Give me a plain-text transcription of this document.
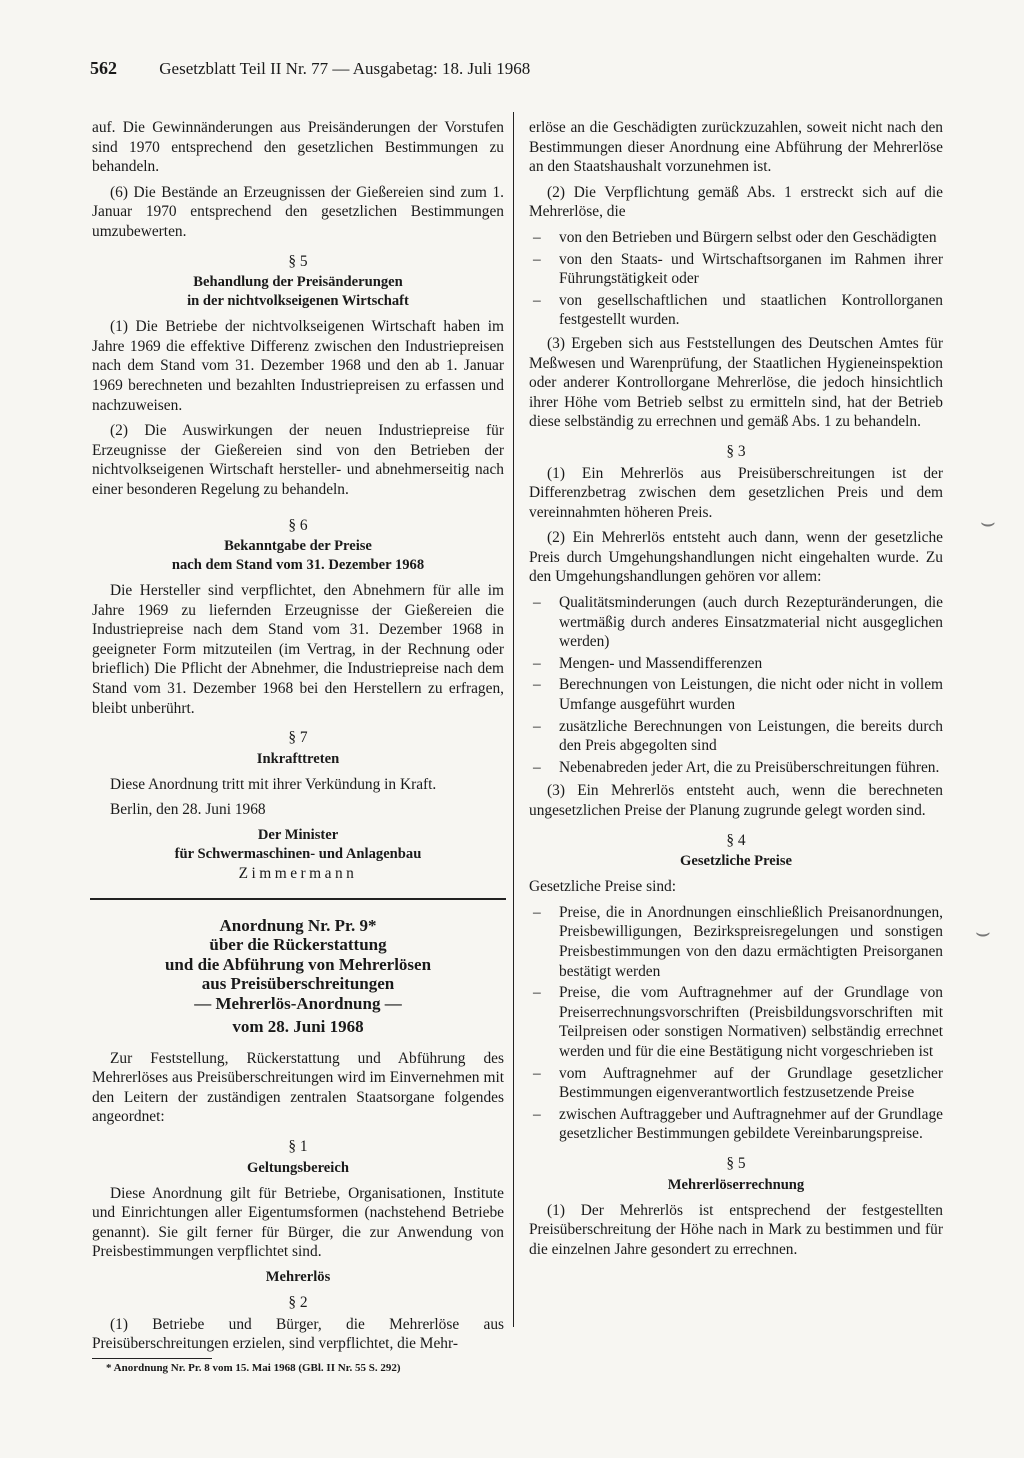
562 Gesetzblatt Teil II Nr. 77 — Ausgabetag: 18. Juli 1968

auf. Die Gewinnänderungen aus Preisänderungen der Vorstufen sind 1970 entsprechend den gesetzlichen Bestimmungen zu behandeln.

(6) Die Bestände an Erzeugnissen der Gießereien sind zum 1. Januar 1970 entsprechend den gesetzlichen Bestimmungen umzubewerten.

§ 5
Behandlung der Preisänderungen
in der nichtvolkseigenen Wirtschaft

(1) Die Betriebe der nichtvolkseigenen Wirtschaft haben im Jahre 1969 die effektive Differenz zwischen den Industriepreisen nach dem Stand vom 31. Dezember 1968 und den ab 1. Januar 1969 berechneten und bezahlten Industriepreisen zu erfassen und nachzuweisen.

(2) Die Auswirkungen der neuen Industriepreise für Erzeugnisse der Gießereien sind von den Betrieben der nichtvolkseigenen Wirtschaft hersteller- und abnehmerseitig nach einer besonderen Regelung zu behandeln.

§ 6
Bekanntgabe der Preise
nach dem Stand vom 31. Dezember 1968

Die Hersteller sind verpflichtet, den Abnehmern für alle im Jahre 1969 zu liefernden Erzeugnisse der Gießereien die Industriepreise nach dem Stand vom 31. Dezember 1968 in geeigneter Form mitzuteilen (im Vertrag, in der Rechnung oder brieflich) Die Pflicht der Abnehmer, die Industriepreise nach dem Stand vom 31. Dezember 1968 bei den Herstellern zu erfragen, bleibt unberührt.

§ 7
Inkrafttreten

Diese Anordnung tritt mit ihrer Verkündung in Kraft.

Berlin, den 28. Juni 1968

Der Minister
für Schwermaschinen- und Anlagenbau
Zimmermann
Anordnung Nr. Pr. 9*
über die Rückerstattung
und die Abführung von Mehrerlösen
aus Preisüberschreitungen
— Mehrerlös-Anordnung —
vom 28. Juni 1968

Zur Feststellung, Rückerstattung und Abführung des Mehrerlöses aus Preisüberschreitungen wird im Einvernehmen mit den Leitern der zuständigen zentralen Staatsorgane folgendes angeordnet:

§ 1
Geltungsbereich

Diese Anordnung gilt für Betriebe, Organisationen, Institute und Einrichtungen aller Eigentumsformen (nachstehend Betriebe genannt). Sie gilt ferner für Bürger, die zur Anwendung von Preisbestimmungen verpflichtet sind.

Mehrerlös
§ 2

(1) Betriebe und Bürger, die Mehrerlöse aus Preisüberschreitungen erzielen, sind verpflichtet, die Mehr-

* Anordnung Nr. Pr. 8 vom 15. Mai 1968 (GBl. II Nr. 55 S. 292)

erlöse an die Geschädigten zurückzuzahlen, soweit nicht nach den Bestimmungen dieser Anordnung eine Abführung der Mehrerlöse an den Staatshaushalt vorzunehmen ist.

(2) Die Verpflichtung gemäß Abs. 1 erstreckt sich auf die Mehrerlöse, die

– von den Betrieben und Bürgern selbst oder den Geschädigten
– von den Staats- und Wirtschaftsorganen im Rahmen ihrer Führungstätigkeit oder
– von gesellschaftlichen und staatlichen Kontrollorganen festgestellt wurden.

(3) Ergeben sich aus Feststellungen des Deutschen Amtes für Meßwesen und Warenprüfung, der Staatlichen Hygieneinspektion oder anderer Kontrollorgane Mehrerlöse, die jedoch hinsichtlich ihrer Höhe vom Betrieb selbst zu ermitteln sind, hat der Betrieb diese selbständig zu errechnen und gemäß Abs. 1 zu behandeln.

§ 3

(1) Ein Mehrerlös aus Preisüberschreitungen ist der Differenzbetrag zwischen dem gesetzlichen Preis und dem vereinnahmten höheren Preis.

(2) Ein Mehrerlös entsteht auch dann, wenn der gesetzliche Preis durch Umgehungshandlungen nicht eingehalten wurde. Zu den Umgehungshandlungen gehören vor allem:

– Qualitätsminderungen (auch durch Rezepturänderungen, die wertmäßig durch anderes Einsatzmaterial nicht ausgeglichen werden)
– Mengen- und Massendifferenzen
– Berechnungen von Leistungen, die nicht oder nicht in vollem Umfange ausgeführt wurden
– zusätzliche Berechnungen von Leistungen, die bereits durch den Preis abgegolten sind
– Nebenabreden jeder Art, die zu Preisüberschreitungen führen.

(3) Ein Mehrerlös entsteht auch, wenn die berechneten ungesetzlichen Preise der Planung zugrunde gelegt worden sind.

§ 4
Gesetzliche Preise

Gesetzliche Preise sind:

– Preise, die in Anordnungen einschließlich Preisanordnungen, Preisbewilligungen, Bezirkspreisregelungen und sonstigen Preisbestimmungen von den dazu ermächtigten Preisorganen bestätigt werden
– Preise, die vom Auftragnehmer auf der Grundlage von Preiserrechnungsvorschriften (Preisbildungsvorschriften mit Teilpreisen oder sonstigen Normativen) selbständig errechnet werden und für die eine Bestätigung nicht vorgeschrieben ist
– vom Auftragnehmer auf der Grundlage gesetzlicher Bestimmungen eigenverantwortlich festzusetzende Preise
– zwischen Auftraggeber und Auftragnehmer auf der Grundlage gesetzlicher Bestimmungen gebildete Vereinbarungspreise.
§ 5
Mehrerlöserrechnung

(1) Der Mehrerlös ist entsprechend der festgestellten Preisüberschreitung der Höhe nach in Mark zu bestimmen und für die einzelnen Jahre gesondert zu errechnen.

⌣
⌣
